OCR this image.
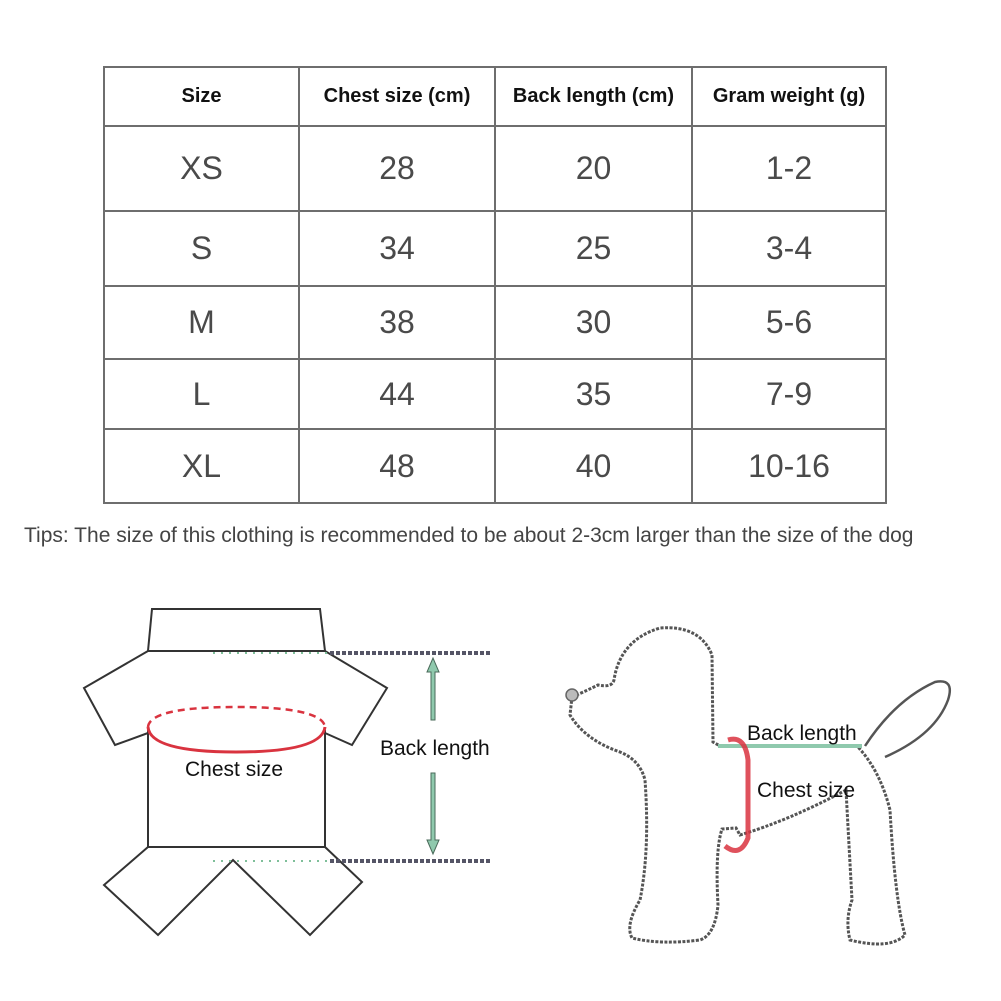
Size	Chest size (cm)	Back length (cm)	Gram weight (g)
XS	28	20	1-2
S	34	25	3-4
M	38	30	5-6
L	44	35	7-9
XL	48	40	10-16
Tips: The size of this clothing is recommended to be about 2-3cm larger than the size of the dog
Chest size
Back length
Back length
Chest size
